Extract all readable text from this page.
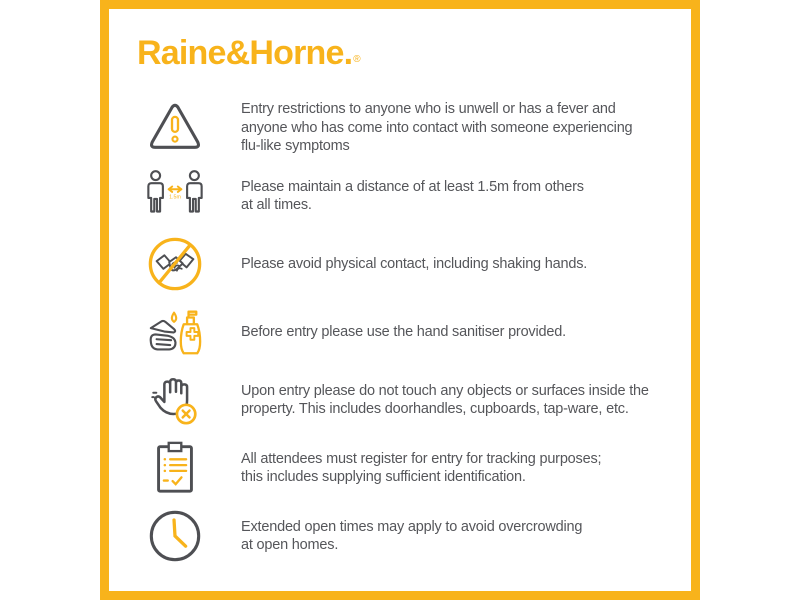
Raine&Horne.®
Entry restrictions to anyone who is unwell or has a fever and
anyone who has come into contact with someone experiencing
flu-like symptoms
1.5m
Please maintain a distance of at least 1.5m from others
at all times.
Please avoid physical contact, including shaking hands.
Before entry please use the hand sanitiser provided.
Upon entry please do not touch any objects or surfaces inside the
property. This includes doorhandles, cupboards, tap-ware, etc.
All attendees must register for entry for tracking purposes;
this includes supplying sufficient identification.
Extended open times may apply to avoid overcrowding
at open homes.
